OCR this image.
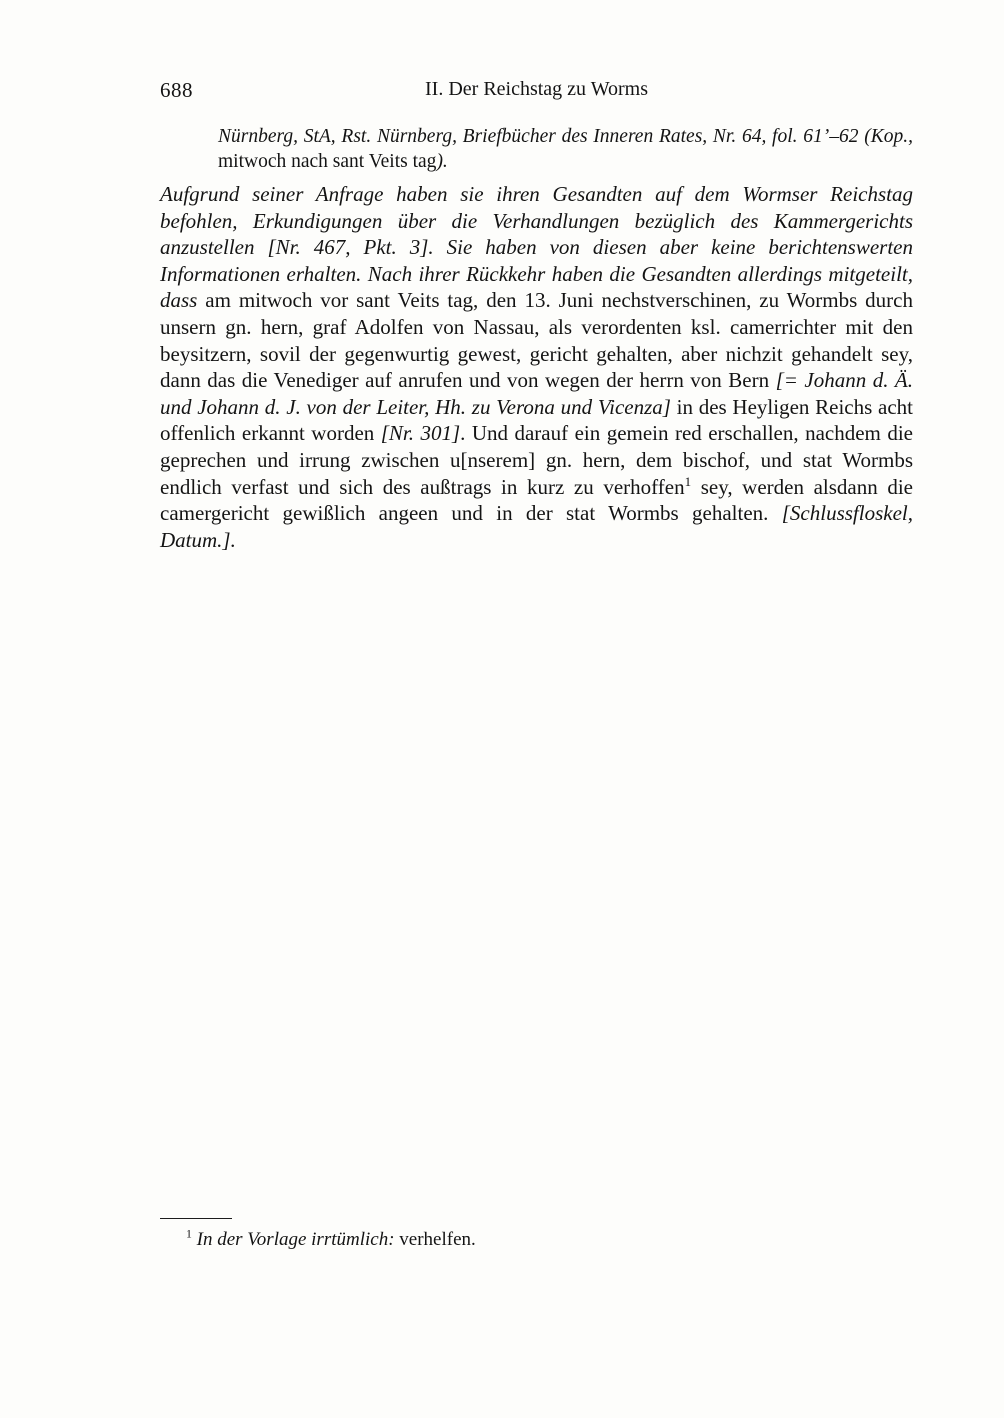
688	II. Der Reichstag zu Worms

Nürnberg, StA, Rst. Nürnberg, Briefbücher des Inneren Rates, Nr. 64, fol. 61’–62 (Kop., mitwoch nach sant Veits tag).

Aufgrund seiner Anfrage haben sie ihren Gesandten auf dem Wormser Reichstag befohlen, Erkundigungen über die Verhandlungen bezüglich des Kammergerichts anzustellen [Nr. 467, Pkt. 3]. Sie haben von diesen aber keine berichtenswerten Informationen erhalten. Nach ihrer Rückkehr haben die Gesandten allerdings mitgeteilt, dass am mitwoch vor sant Veits tag, den 13. Juni nechstverschinen, zu Wormbs durch unsern gn. hern, graf Adolfen von Nassau, als verordenten ksl. camerrichter mit den beysitzern, sovil der gegenwurtig gewest, gericht gehalten, aber nichzit gehandelt sey, dann das die Venediger auf anrufen und von wegen der herrn von Bern [= Johann d. Ä. und Johann d. J. von der Leiter, Hh. zu Verona und Vicenza] in des Heyligen Reichs acht offenlich erkannt worden [Nr. 301]. Und darauf ein gemein red erschallen, nachdem die geprechen und irrung zwischen u[nserem] gn. hern, dem bischof, und stat Wormbs endlich verfast und sich des außtrags in kurz zu verhoffen$^1$ sey, werden alsdann die camergericht gewißlich angeen und in der stat Wormbs gehalten. [Schlussfloskel, Datum.].

$^1$ In der Vorlage irrtümlich: verhelfen.
